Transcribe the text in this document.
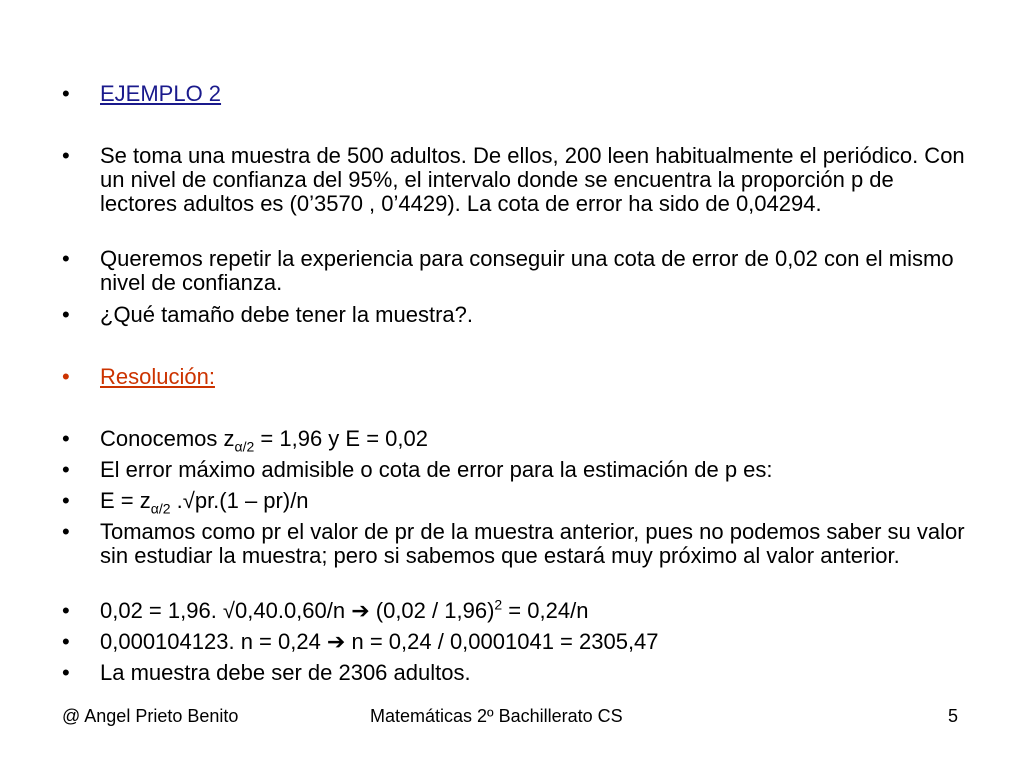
• EJEMPLO 2
• Se toma una muestra de 500 adultos. De ellos, 200 leen habitualmente el periódico. Con un nivel de confianza del 95%, el intervalo donde se encuentra la proporción p de lectores adultos es (0’3570 , 0’4429). La cota de error ha sido de 0,04294.
• Queremos repetir la experiencia para conseguir una cota de error de 0,02 con el mismo nivel de confianza.
• ¿Qué tamaño debe tener la muestra?.
• Resolución:
• Conocemos $z_{\alpha/2} = 1,96$ y E = 0,02
• El error máximo admisible o cota de error para la estimación de p es:
• $E = z_{\alpha/2}$ .√pr.(1 – pr)/n
• Tomamos como pr el valor de pr de la muestra anterior, pues no podemos saber su valor sin estudiar la muestra; pero si sabemos que estará muy próximo al valor anterior.
• 0,02 = 1,96. √0,40.0,60/n ➔ (0,02 / 1,96)$^2$ = 0,24/n
• 0,000104123. n = 0,24 ➔ n = 0,24 / 0,0001041 = 2305,47
• La muestra debe ser de 2306 adultos.
@ Angel Prieto Benito	Matemáticas 2º Bachillerato CS	5
